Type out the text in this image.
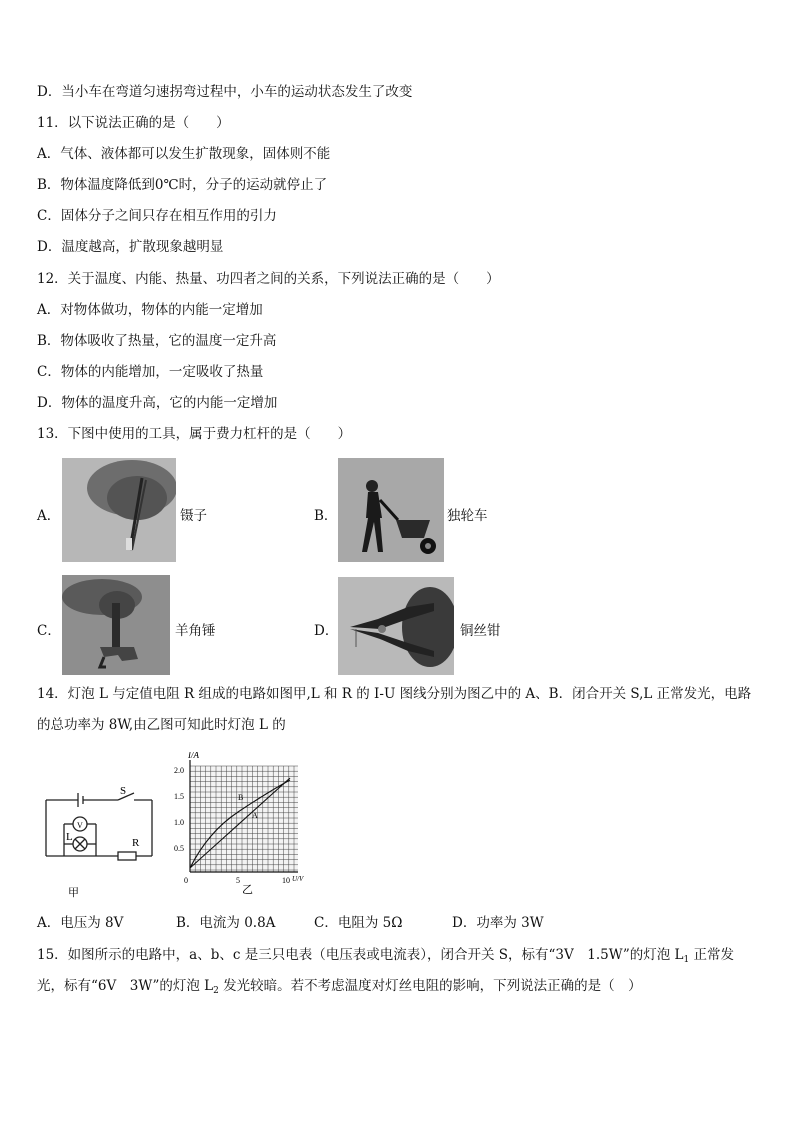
D．当小车在弯道匀速拐弯过程中，小车的运动状态发生了改变
11．以下说法正确的是（　　）
A．气体、液体都可以发生扩散现象，固体则不能
B．物体温度降低到0℃时，分子的运动就停止了
C．固体分子之间只存在相互作用的引力
D．温度越高，扩散现象越明显
12．关于温度、内能、热量、功四者之间的关系，下列说法正确的是（　　）
A．对物体做功，物体的内能一定增加
B．物体吸收了热量，它的温度一定升高
C．物体的内能增加，一定吸收了热量
D．物体的温度升高，它的内能一定增加
13．下图中使用的工具，属于费力杠杆的是（　　）
A．	镊子	B．	独轮车
C．	羊角锤	D．	铜丝钳
14．灯泡 L 与定值电阻 R 组成的电路如图甲,L 和 R 的 I-U 图线分别为图乙中的 A、B．闭合开关 S,L 正常发光，电路
的总功率为 8W,由乙图可知此时灯泡 L 的
S
V
L	R
甲
I/A
2.0
1.5
1.0
0.5
0	5	10 U/V
A
B
乙
A．电压为 8V	B．电流为 0.8A	C．电阻为 5Ω	D．功率为 3W
15．如图所示的电路中，a、b、c 是三只电表（电压表或电流表），闭合开关 S，标有“3V　1.5W”的灯泡 $L_1$ 正常发
光，标有“6V　3W”的灯泡 $L_2$ 发光较暗。若不考虑温度对灯丝电阻的影响，下列说法正确的是（　）
